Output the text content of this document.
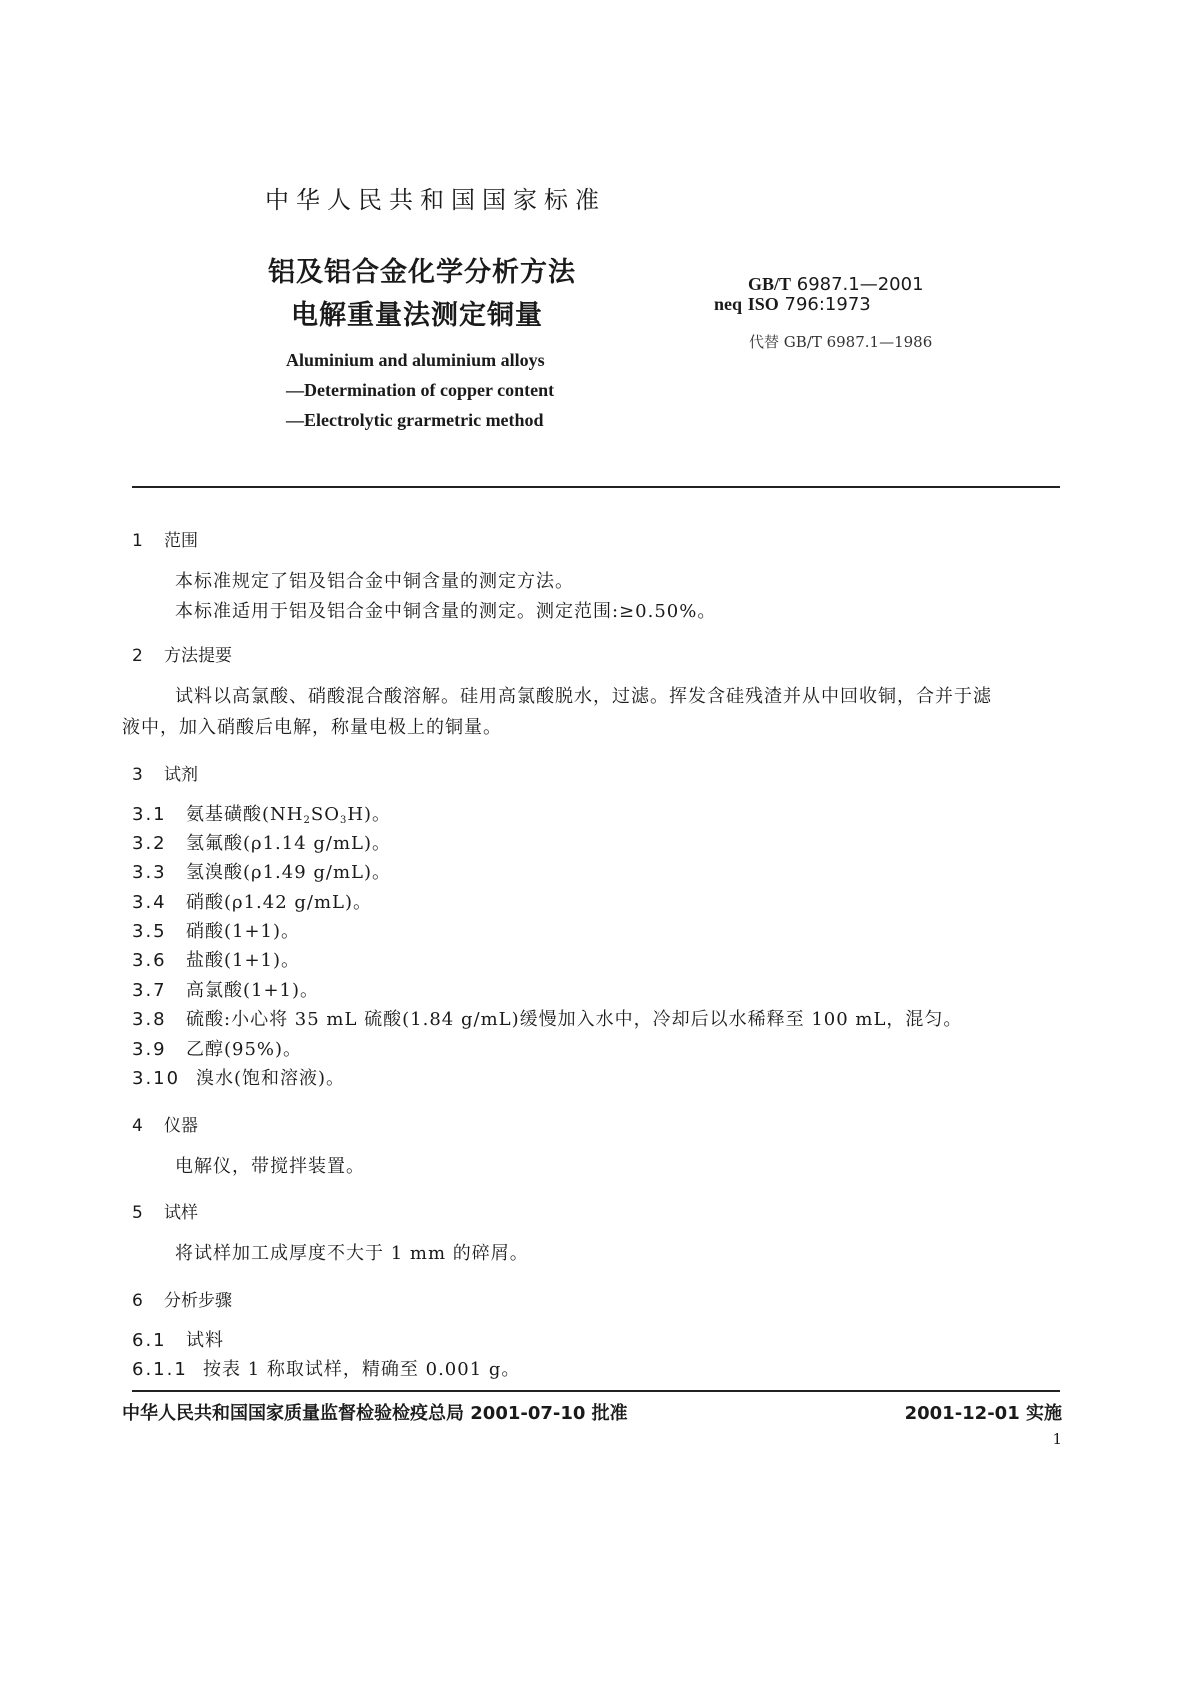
中华人民共和国国家标准
铝及铝合金化学分析方法
电解重量法测定铜量
Aluminium and aluminium alloys
—Determination of copper content
—Electrolytic grarmetric method
GB/T 6987.1—2001
neq ISO 796:1973
代替 GB/T 6987.1—1986
1 范围
本标准规定了铝及铝合金中铜含量的测定方法。
本标准适用于铝及铝合金中铜含量的测定。测定范围:≥0.50%。
2 方法提要
试料以高氯酸、硝酸混合酸溶解。硅用高氯酸脱水，过滤。挥发含硅残渣并从中回收铜，合并于滤
液中，加入硝酸后电解，称量电极上的铜量。
3 试剂
3.1 氨基磺酸$(NH_2SO_3H)$。
3.2 氢氟酸(ρ1.14 g/mL)。
3.3 氢溴酸(ρ1.49 g/mL)。
3.4 硝酸(ρ1.42 g/mL)。
3.5 硝酸(1+1)。
3.6 盐酸(1+1)。
3.7 高氯酸(1+1)。
3.8 硫酸:小心将 35 mL 硫酸(1.84 g/mL)缓慢加入水中，冷却后以水稀释至 100 mL，混匀。
3.9 乙醇(95%)。
3.10 溴水(饱和溶液)。
4 仪器
电解仪，带搅拌装置。
5 试样
将试样加工成厚度不大于 1 mm 的碎屑。
6 分析步骤
6.1 试料
6.1.1 按表 1 称取试样，精确至 0.001 g。
中华人民共和国国家质量监督检验检疫总局 2001-07-10 批准	2001-12-01 实施
1
